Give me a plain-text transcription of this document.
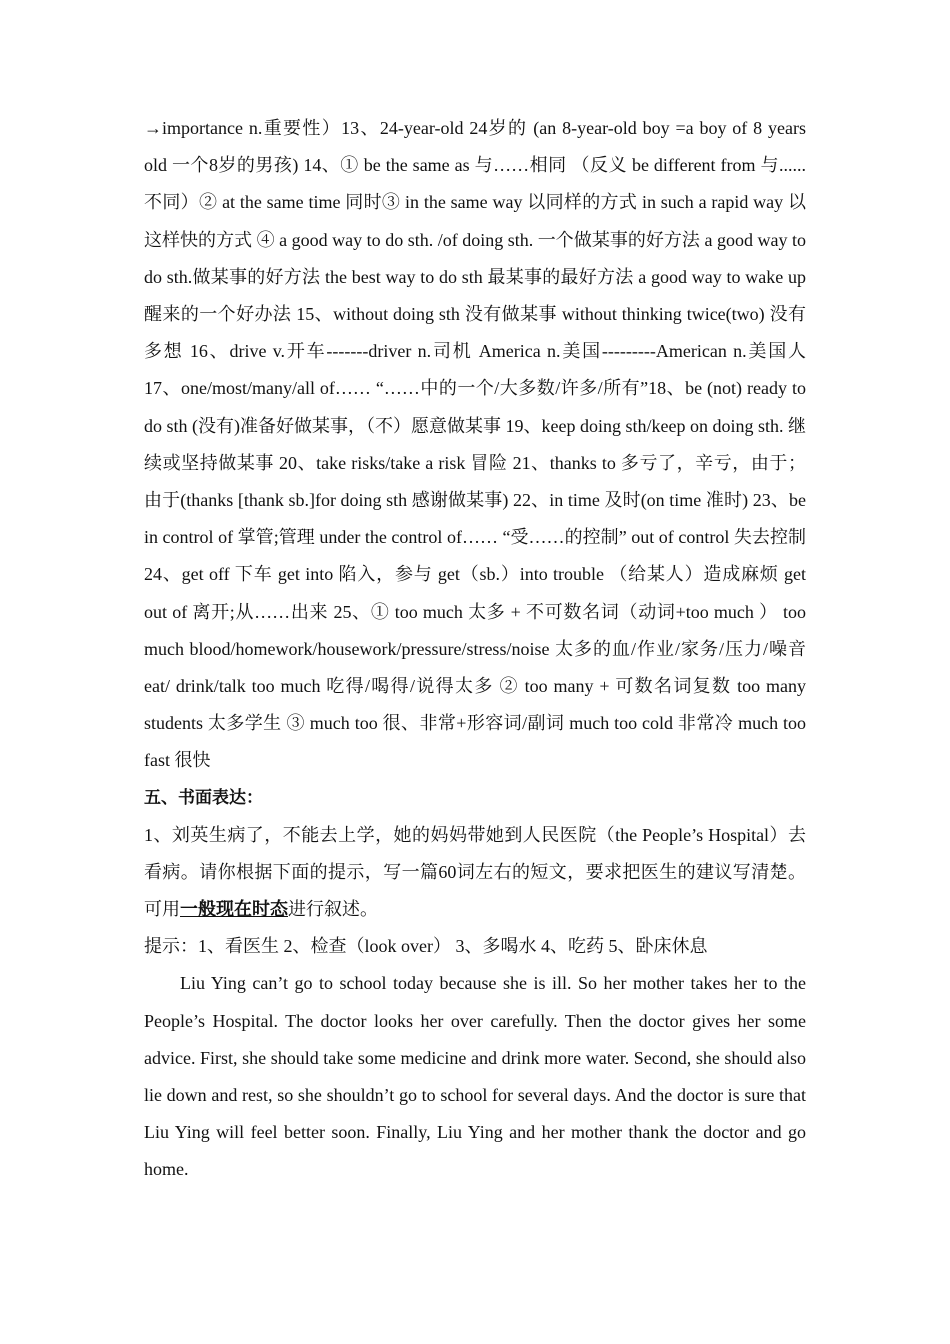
→importance n.重要性）13、24-year-old 24岁的 (an 8-year-old boy =a boy of 8 years old 一个8岁的男孩) 14、① be the same as 与……相同 （反义 be different from 与......不同）② at the same time 同时③ in the same way 以同样的方式 in such a rapid way 以这样快的方式 ④ a good way to do sth. /of doing sth. 一个做某事的好方法 a good way to do sth.做某事的好方法 the best way to do sth 最某事的最好方法 a good way to wake up 醒来的一个好办法 15、without doing sth 没有做某事 without thinking twice(two) 没有多想 16、drive v.开车-------driver n.司机 America n.美国---------American n.美国人 17、one/most/many/all of…… “……中的一个/大多数/许多/所有”18、be (not) ready to do sth (没有)准备好做某事，（不）愿意做某事 19、keep doing sth/keep on doing sth. 继续或坚持做某事 20、take risks/take a risk 冒险 21、thanks to 多亏了，辛亏，由于；由于(thanks [thank sb.]for doing sth 感谢做某事) 22、in time 及时(on time 准时) 23、be in control of 掌管;管理 under the control of…… “受……的控制” out of control 失去控制 24、get off 下车 get into 陷入，参与 get（sb.）into trouble （给某人）造成麻烦 get out of 离开;从……出来 25、① too much 太多 + 不可数名词（动词+too much ） too much blood/homework/housework/pressure/stress/noise 太多的血/作业/家务/压力/噪音 eat/ drink/talk too much 吃得/喝得/说得太多 ② too many + 可数名词复数 too many students 太多学生 ③ much too 很、非常+形容词/副词 much too cold 非常冷 much too fast 很快

五、书面表达：

1、刘英生病了，不能去上学，她的妈妈带她到人民医院（the People’s Hospital）去看病。请你根据下面的提示，写一篇60词左右的短文，要求把医生的建议写清楚。可用一般现在时态进行叙述。

提示：1、看医生 2、检查（look over） 3、多喝水 4、吃药 5、卧床休息

Liu Ying can’t go to school today because she is ill. So her mother takes her to the People’s Hospital. The doctor looks her over carefully. Then the doctor gives her some advice. First, she should take some medicine and drink more water. Second, she should also lie down and rest, so she shouldn’t go to school for several days. And the doctor is sure that Liu Ying will feel better soon. Finally, Liu Ying and her mother thank the doctor and go home.
